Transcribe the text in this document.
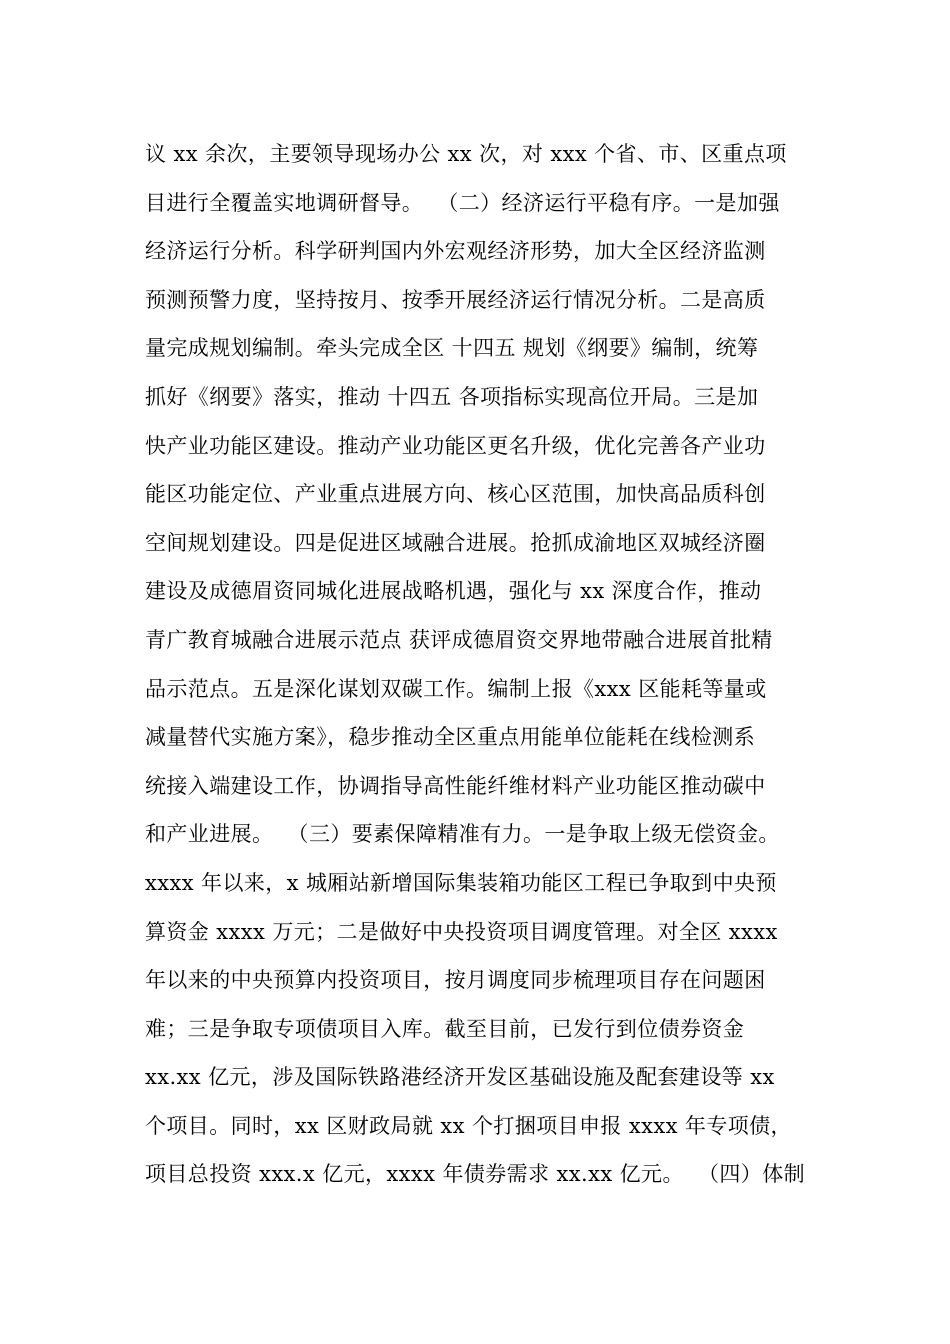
议 xx 余次，主要领导现场办公 xx 次，对 xxx 个省、市、区重点项
目进行全覆盖实地调研督导。  （二）经济运行平稳有序。一是加强
经济运行分析。科学研判国内外宏观经济形势，加大全区经济监测
预测预警力度，坚持按月、按季开展经济运行情况分析。二是高质
量完成规划编制。牵头完成全区 十四五 规划《纲要》编制，统筹
抓好《纲要》落实，推动 十四五 各项指标实现高位开局。三是加
快产业功能区建设。推动产业功能区更名升级，优化完善各产业功
能区功能定位、产业重点进展方向、核心区范围，加快高品质科创
空间规划建设。四是促进区域融合进展。抢抓成渝地区双城经济圈
建设及成德眉资同城化进展战略机遇，强化与 xx 深度合作，推动
青广教育城融合进展示范点 获评成德眉资交界地带融合进展首批精
品示范点。五是深化谋划双碳工作。编制上报《xxx 区能耗等量或
减量替代实施方案》，稳步推动全区重点用能单位能耗在线检测系
统接入端建设工作，协调指导高性能纤维材料产业功能区推动碳中
和产业进展。  （三）要素保障精准有力。一是争取上级无偿资金。
xxxx 年以来，x 城厢站新增国际集装箱功能区工程已争取到中央预
算资金 xxxx 万元；二是做好中央投资项目调度管理。对全区 xxxx
年以来的中央预算内投资项目，按月调度同步梳理项目存在问题困
难；三是争取专项债项目入库。截至目前，已发行到位债券资金
xx.xx 亿元，涉及国际铁路港经济开发区基础设施及配套建设等 xx
个项目。同时，xx 区财政局就 xx 个打捆项目申报 xxxx 年专项债，
项目总投资 xxx.x 亿元，xxxx 年债券需求 xx.xx 亿元。  （四）体制
